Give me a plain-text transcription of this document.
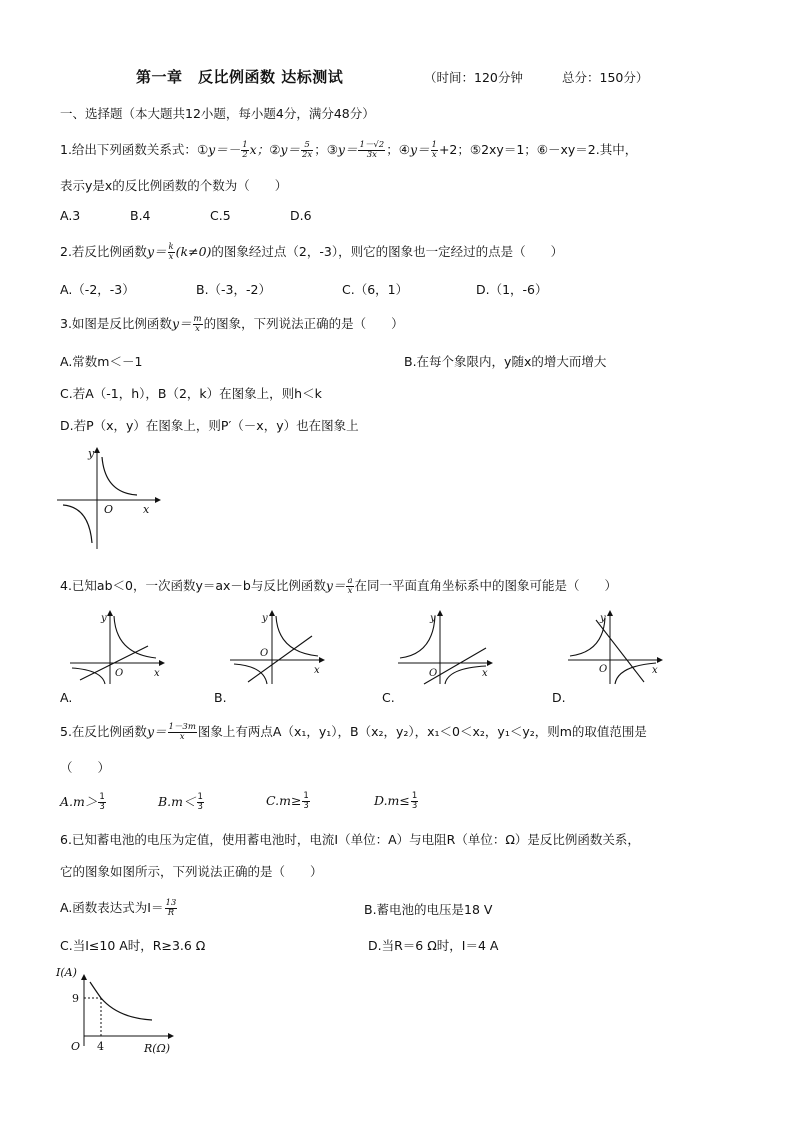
第一章　反比例函数 达标测试	（时间：120分钟	总分：150分）
一、选择题（本大题共12小题，每小题4分，满分48分）
1.给出下列函数关系式：①y＝－ $\frac{1}{2}$ x；②y＝ $\frac{5}{2x}$ ；③y＝ $\frac{1-√2}{3x}$ ；④y＝ $\frac{1}{x} +2$；⑤2xy＝1；⑥－xy＝2.其中，
表示y是x的反比例函数的个数为（　　）
A.3	B.4	C.5	D.6
2.若反比例函数$y= \frac{k}{x} (k\ne 0)$的图象经过点（2，-3），则它的图象也一定经过的点是（　　）
A.（-2，-3）	B.（-3，-2）	C.（6，1）	D.（1，-6）
3.如图是反比例函数$y= \frac{m}{x}$ 的图象，下列说法正确的是（　　）
A.常数m＜－1	B.在每个象限内，y随x的增大而增大
C.若A（-1，h），B（2，k）在图象上，则h＜k
D.若P（x，y）在图象上，则P′（－x，y）也在图象上
y
O	x
4.已知ab＜0，一次函数y＝ax－b与反比例函数$y= \frac{a}{x}$ 在同一平面直角坐标系中的图象可能是（　　）
y
O	x
A.
y
O
x
B.
y
O	x
C.
y
O	x
D.
5.在反比例函数$y= \frac{1-3m}{x}$ 图象上有两点A（x₁，y₁），B（x₂，y₂），x₁＜0＜x₂，y₁＜y₂，则m的取值范围是
（　　）
$A.m> \frac{1}{3}$	$B.m< \frac{1}{3}$	$C.m\ge \frac{1}{3}$	$D.m\le \frac{1}{3}$
6.已知蓄电池的电压为定值，使用蓄电池时，电流I（单位：A）与电阻R（单位：Ω）是反比例函数关系，
它的图象如图所示，下列说法正确的是（　　）
A.函数表达式为$I= \frac{13}{R}$	B.蓄电池的电压是18 V
C.当I≤10 A时，R≥3.6 Ω	D.当R＝6 Ω时，I＝4 A
I(A)
9
4
O	R(Ω)
